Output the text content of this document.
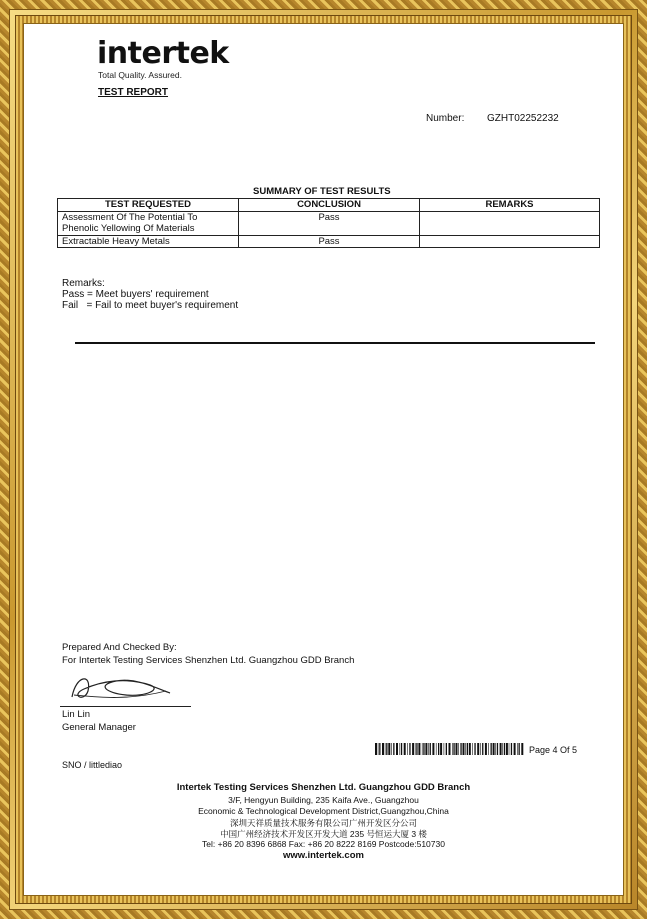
intertek
Total Quality. Assured.
TEST REPORT
Number: GZHT02252232
SUMMARY OF TEST RESULTS
TEST REQUESTED	CONCLUSION	REMARKS
Assessment Of The Potential To Phenolic Yellowing Of Materials	Pass	
Extractable Heavy Metals	Pass	
Remarks:
Pass = Meet buyers' requirement
Fail   = Fail to meet buyer's requirement
Prepared And Checked By:
For Intertek Testing Services Shenzhen Ltd. Guangzhou GDD Branch
Lin Lin
General Manager
Page 4 Of 5
SNO / littlediao
Intertek Testing Services Shenzhen Ltd. Guangzhou GDD Branch
3/F, Hengyun Building, 235 Kaifa Ave., Guangzhou
Economic & Technological Development District,Guangzhou,China
深圳天祥质量技术服务有限公司广州开发区分公司
中国广州经济技术开发区开发大道 235 号恒运大厦 3 楼
Tel: +86 20 8396 6868 Fax: +86 20 8222 8169 Postcode:510730
www.intertek.com
